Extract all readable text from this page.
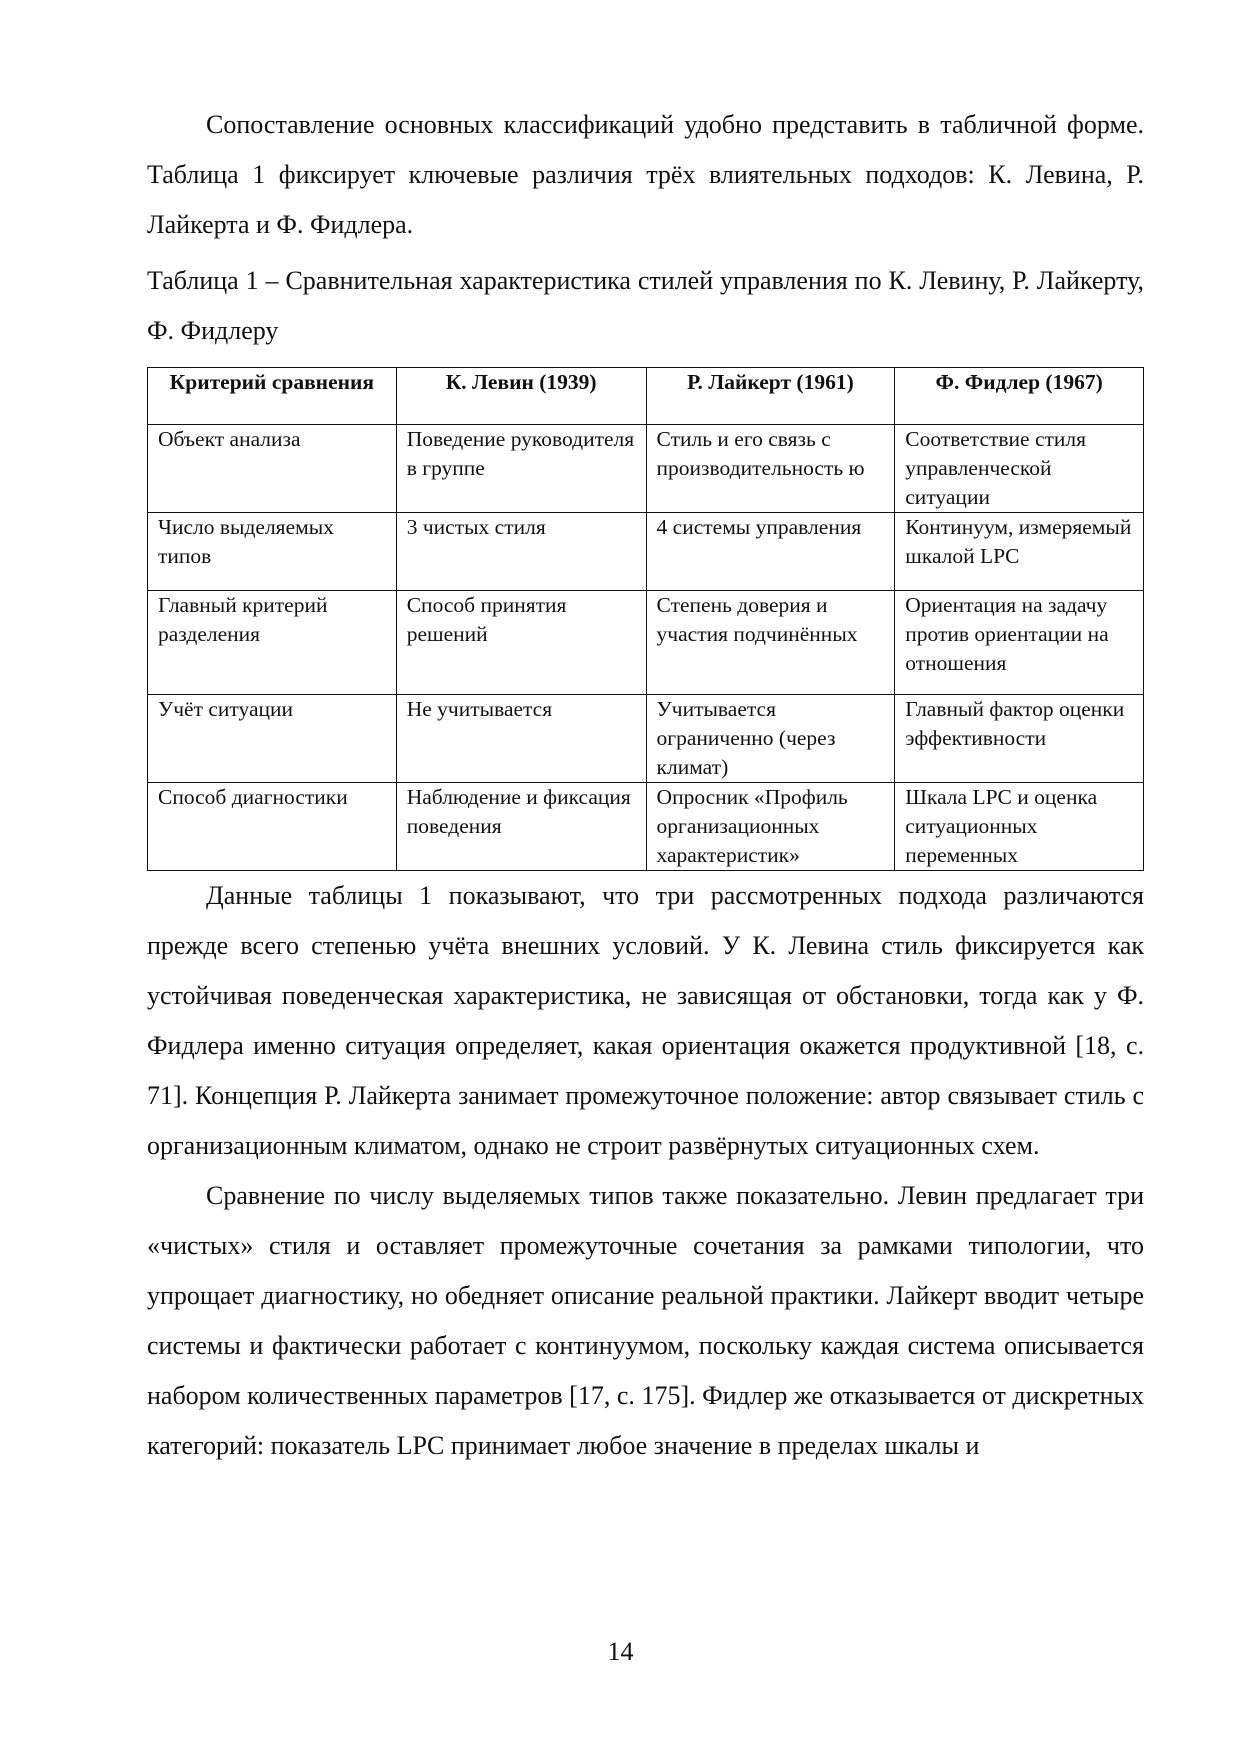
Сопоставление основных классификаций удобно представить в табличной форме. Таблица 1 фиксирует ключевые различия трёх влиятельных подходов: К. Левина, Р. Лайкерта и Ф. Фидлера.

Таблица 1 – Сравнительная характеристика стилей управления по К. Левину, Р. Лайкерту, Ф. Фидлеру

Критерий сравнения	К. Левин (1939)	Р. Лайкерт (1961)	Ф. Фидлер (1967)
Объект анализа	Поведение руководителя в группе	Стиль и его связь с производительность ю	Соответствие стиля управленческой ситуации
Число выделяемых типов	3 чистых стиля	4 системы управления	Континуум, измеряемый шкалой LPC
Главный критерий разделения	Способ принятия решений	Степень доверия и участия подчинённых	Ориентация на задачу против ориентации на отношения
Учёт ситуации	Не учитывается	Учитывается ограниченно (через климат)	Главный фактор оценки эффективности
Способ диагностики	Наблюдение и фиксация поведения	Опросник «Профиль организационных характеристик»	Шкала LPC и оценка ситуационных переменных

Данные таблицы 1 показывают, что три рассмотренных подхода различаются прежде всего степенью учёта внешних условий. У К. Левина стиль фиксируется как устойчивая поведенческая характеристика, не зависящая от обстановки, тогда как у Ф. Фидлера именно ситуация определяет, какая ориентация окажется продуктивной [18, с. 71]. Концепция Р. Лайкерта занимает промежуточное положение: автор связывает стиль с организационным климатом, однако не строит развёрнутых ситуационных схем.

Сравнение по числу выделяемых типов также показательно. Левин предлагает три «чистых» стиля и оставляет промежуточные сочетания за рамками типологии, что упрощает диагностику, но обедняет описание реальной практики. Лайкерт вводит четыре системы и фактически работает с континуумом, поскольку каждая система описывается набором количественных параметров [17, с. 175]. Фидлер же отказывается от дискретных категорий: показатель LPC принимает любое значение в пределах шкалы и

14
